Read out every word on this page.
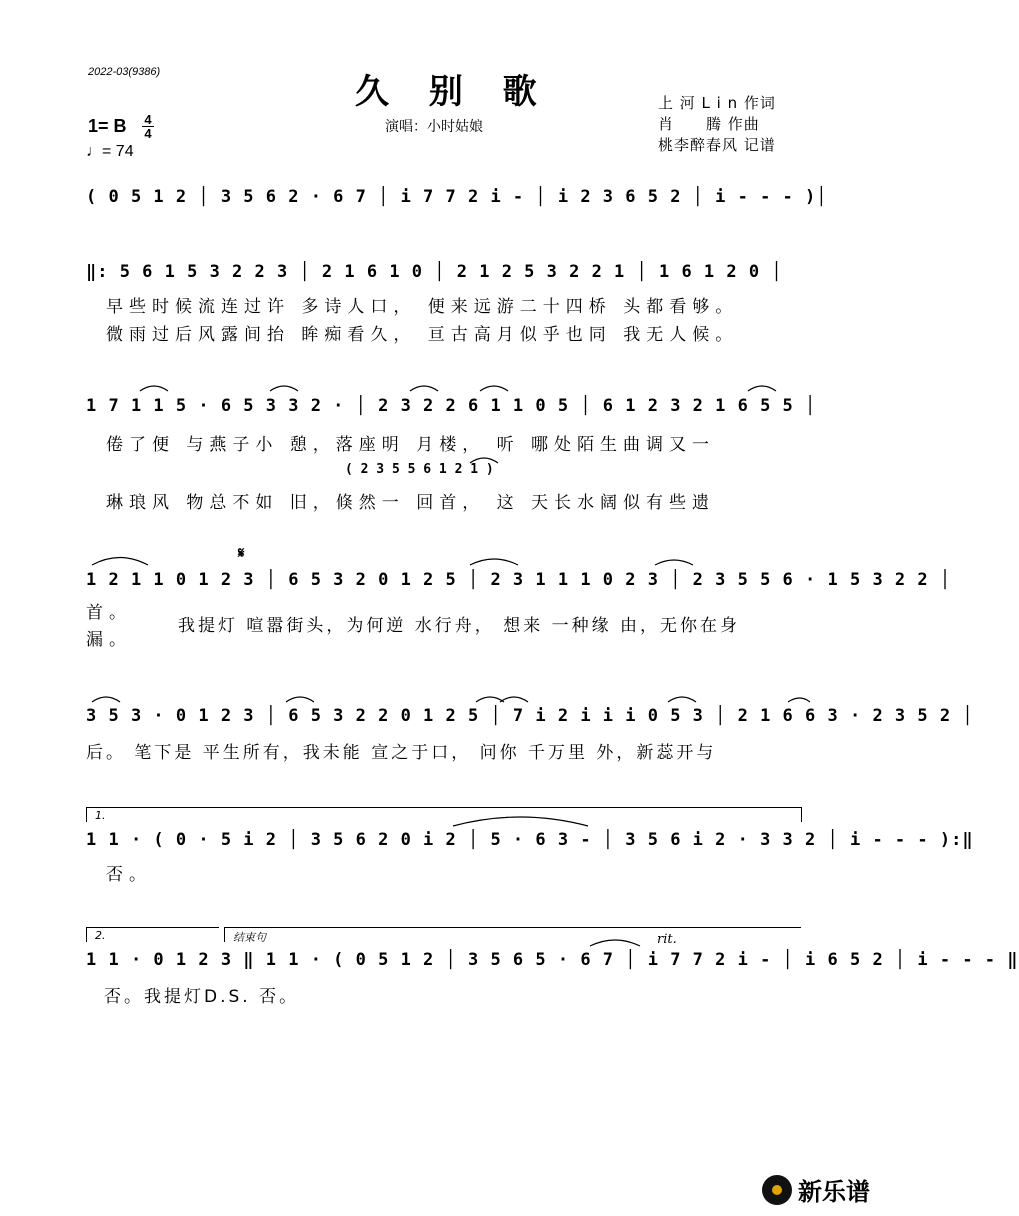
2022-03(9386)	久 别 歌
演唱：小时姑娘
上 河 L i n 作词
肖　　腾 作曲
桃李醉春风 记谱
1= B 4
4
♩= 74
( 0 5 1 2 │ 3 5 6 2 · 6 7 │ i 7 7 2 i - │ i 2 3 6 5 2 │ i - - - )│
‖: 5 6 1 5 3 2 2 3 │ 2 1 6 1 0 │ 2 1 2 5 3 2 2 1 │ 1 6 1 2 0 │
早些时候流连过许 多诗人口， 便来远游二十四桥 头都看够。
微雨过后风露间抬 眸痴看久， 亘古高月似乎也同 我无人候。
1 7 1 1 5 · 6 5 3 3 2 · │ 2 3 2 2 6 1 1 0 5 │ 6 1 2 3 2 1 6 5 5 │
倦了便 与燕子小 憩，落座明 月楼， 听 哪处陌生曲调又一
( 2 3 5 5 6 1 2 1 )
琳琅风 物总不如 旧，倏然一 回首， 这 天长水阔似有些遗
𝄋
1 2 1 1 0 1 2 3 │ 6 5 3 2 0 1 2 5 │ 2 3 1 1 1 0 2 3 │ 2 3 5 5 6 · 1 5 3 2 2 │
首。
我提灯 喧嚣街头，为何逆 水行舟， 想来 一种缘 由，无你在身
漏。
3 5 3 · 0 1 2 3 │ 6 5 3 2 2 0 1 2 5 │ 7 i 2 i i i 0 5 3 │ 2 1 6 6 3 · 2 3 5 2 │
后。 笔下是 平生所有，我未能 宣之于口， 问你 千万里 外，新蕊开与
1.
1 1 · ( 0 · 5 i 2 │ 3 5 6 2 0 i 2 │ 5 · 6 3 - │ 3 5 6 i 2 · 3 3 2 │ i - - - ):‖
否。
2.	结束句	rit.
1 1 · 0 1 2 3 ‖ 1 1 · ( 0 5 1 2 │ 3 5 6 5 · 6 7 │ i 7 7 2 i - │ i 6 5 2 │ i - - - ‖
否。我提灯D.S. 否。
新乐谱
